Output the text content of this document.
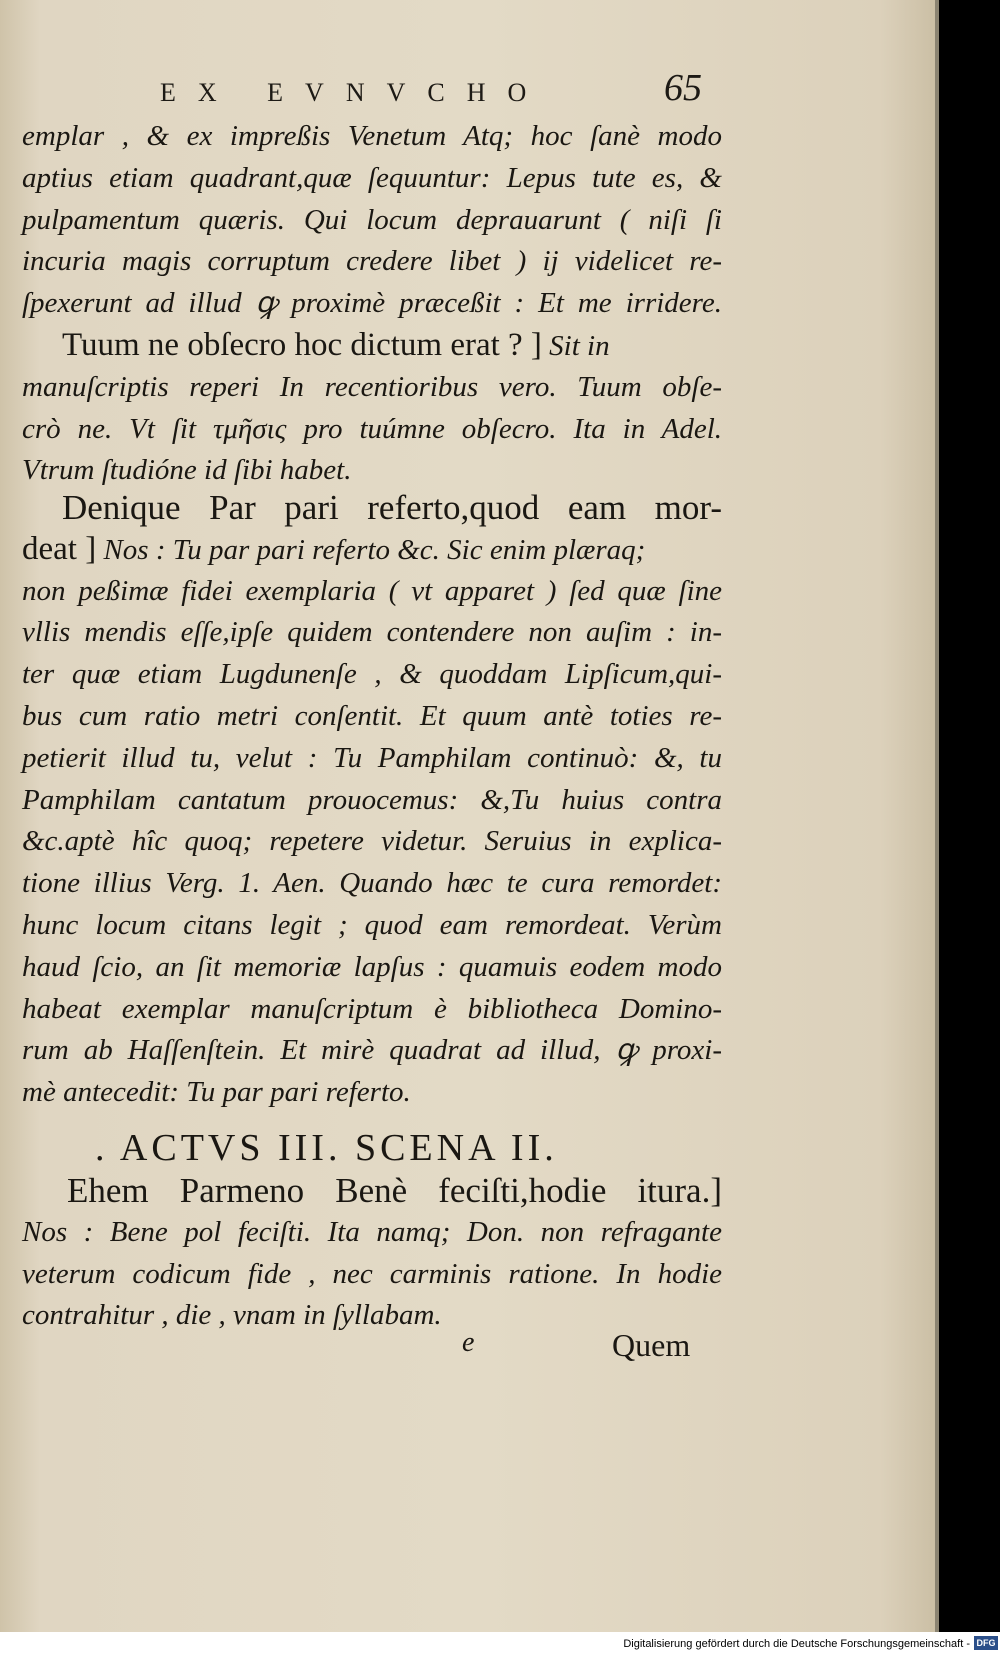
EX EVNVCHO	65
emplar , & ex impreßis Venetum Atq; hoc ſanè modo
aptius etiam quadrant,quæ ſequuntur: Lepus tute es, &
pulpamentum quæris. Qui locum deprauarunt ( niſi ſi
incuria magis corruptum credere libet ) ij videlicet re-
ſpexerunt ad illud ꝙ proximè præceßit : Et me irridere.
Tuum ne obſecro hoc dictum erat ? ] Sit in
manuſcriptis reperi In recentioribus vero. Tuum obſe-
crò ne. Vt ſit τμῆσις pro tuúmne obſecro. Ita in Adel.
Vtrum ſtudióne id ſibi habet.
Denique Par pari referto,quod eam mor-
deat ] Nos : Tu par pari referto &c. Sic enim plæraq;
non peßimæ fidei exemplaria ( vt apparet ) ſed quæ ſine
vllis mendis eſſe,ipſe quidem contendere non auſim : in-
ter quæ etiam Lugdunenſe , & quoddam Lipſicum,qui-
bus cum ratio metri conſentit. Et quum antè toties re-
petierit illud tu, velut : Tu Pamphilam continuò: &, tu
Pamphilam cantatum prouocemus: &,Tu huius contra
&c.aptè hîc quoq; repetere videtur. Seruius in explica-
tione illius Verg. 1. Aen. Quando hæc te cura remordet:
hunc locum citans legit ; quod eam remordeat. Verùm
haud ſcio, an ſit memoriæ lapſus : quamuis eodem modo
habeat exemplar manuſcriptum è bibliotheca Domino-
rum ab Haſſenſtein. Et mirè quadrat ad illud, ꝙ proxi-
mè antecedit: Tu par pari referto.
. ACTVS III. SCENA II.
Ehem Parmeno Benè feciſti,hodie itura.]
Nos : Bene pol feciſti. Ita namq; Don. non refragante
veterum codicum fide , nec carminis ratione. In hodie
contrahitur , die , vnam in ſyllabam.
e	Quem
Digitalisierung gefördert durch die Deutsche Forschungsgemeinschaft - DFG
